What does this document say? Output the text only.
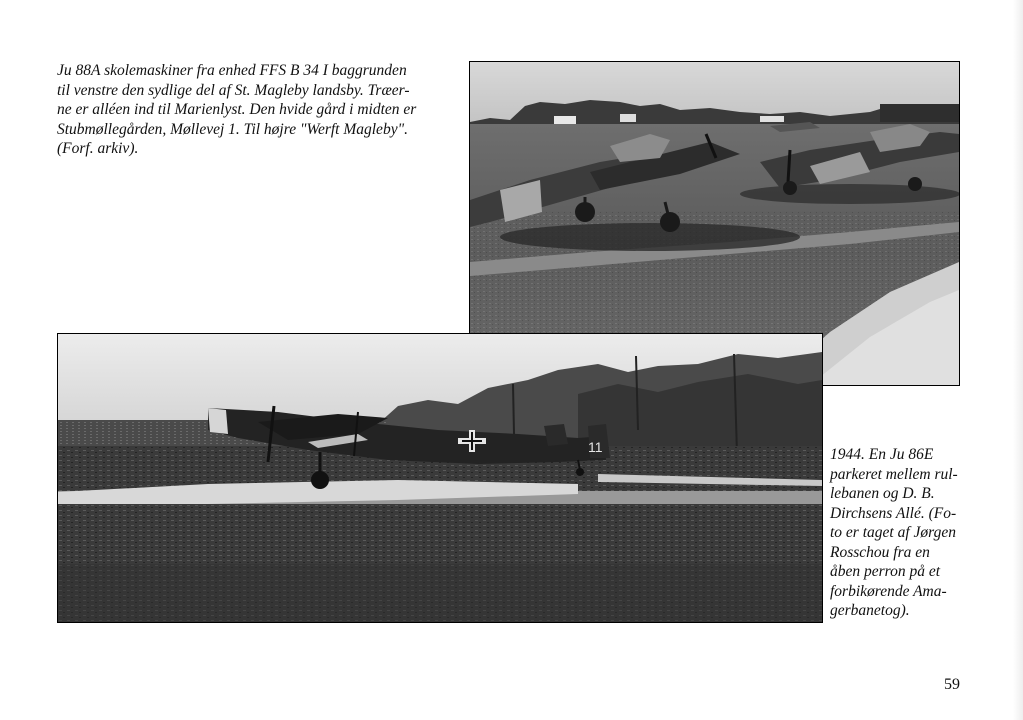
Ju 88A skolemaskiner fra enhed FFS B 34 I baggrunden
til venstre den sydlige del af St. Magleby landsby. Træer-
ne er alléen ind til Marienlyst. Den hvide gård i midten er
Stubmøllegården, Møllevej 1. Til højre "Werft Magleby".
(Forf. arkiv).

11	1944. En Ju 86E
parkeret mellem rul-
lebanen og D. B.
Dirchsens Allé. (Fo-
to er taget af Jørgen
Rosschou fra en
åben perron på et
forbikørende Ama-
gerbanetog).

59
